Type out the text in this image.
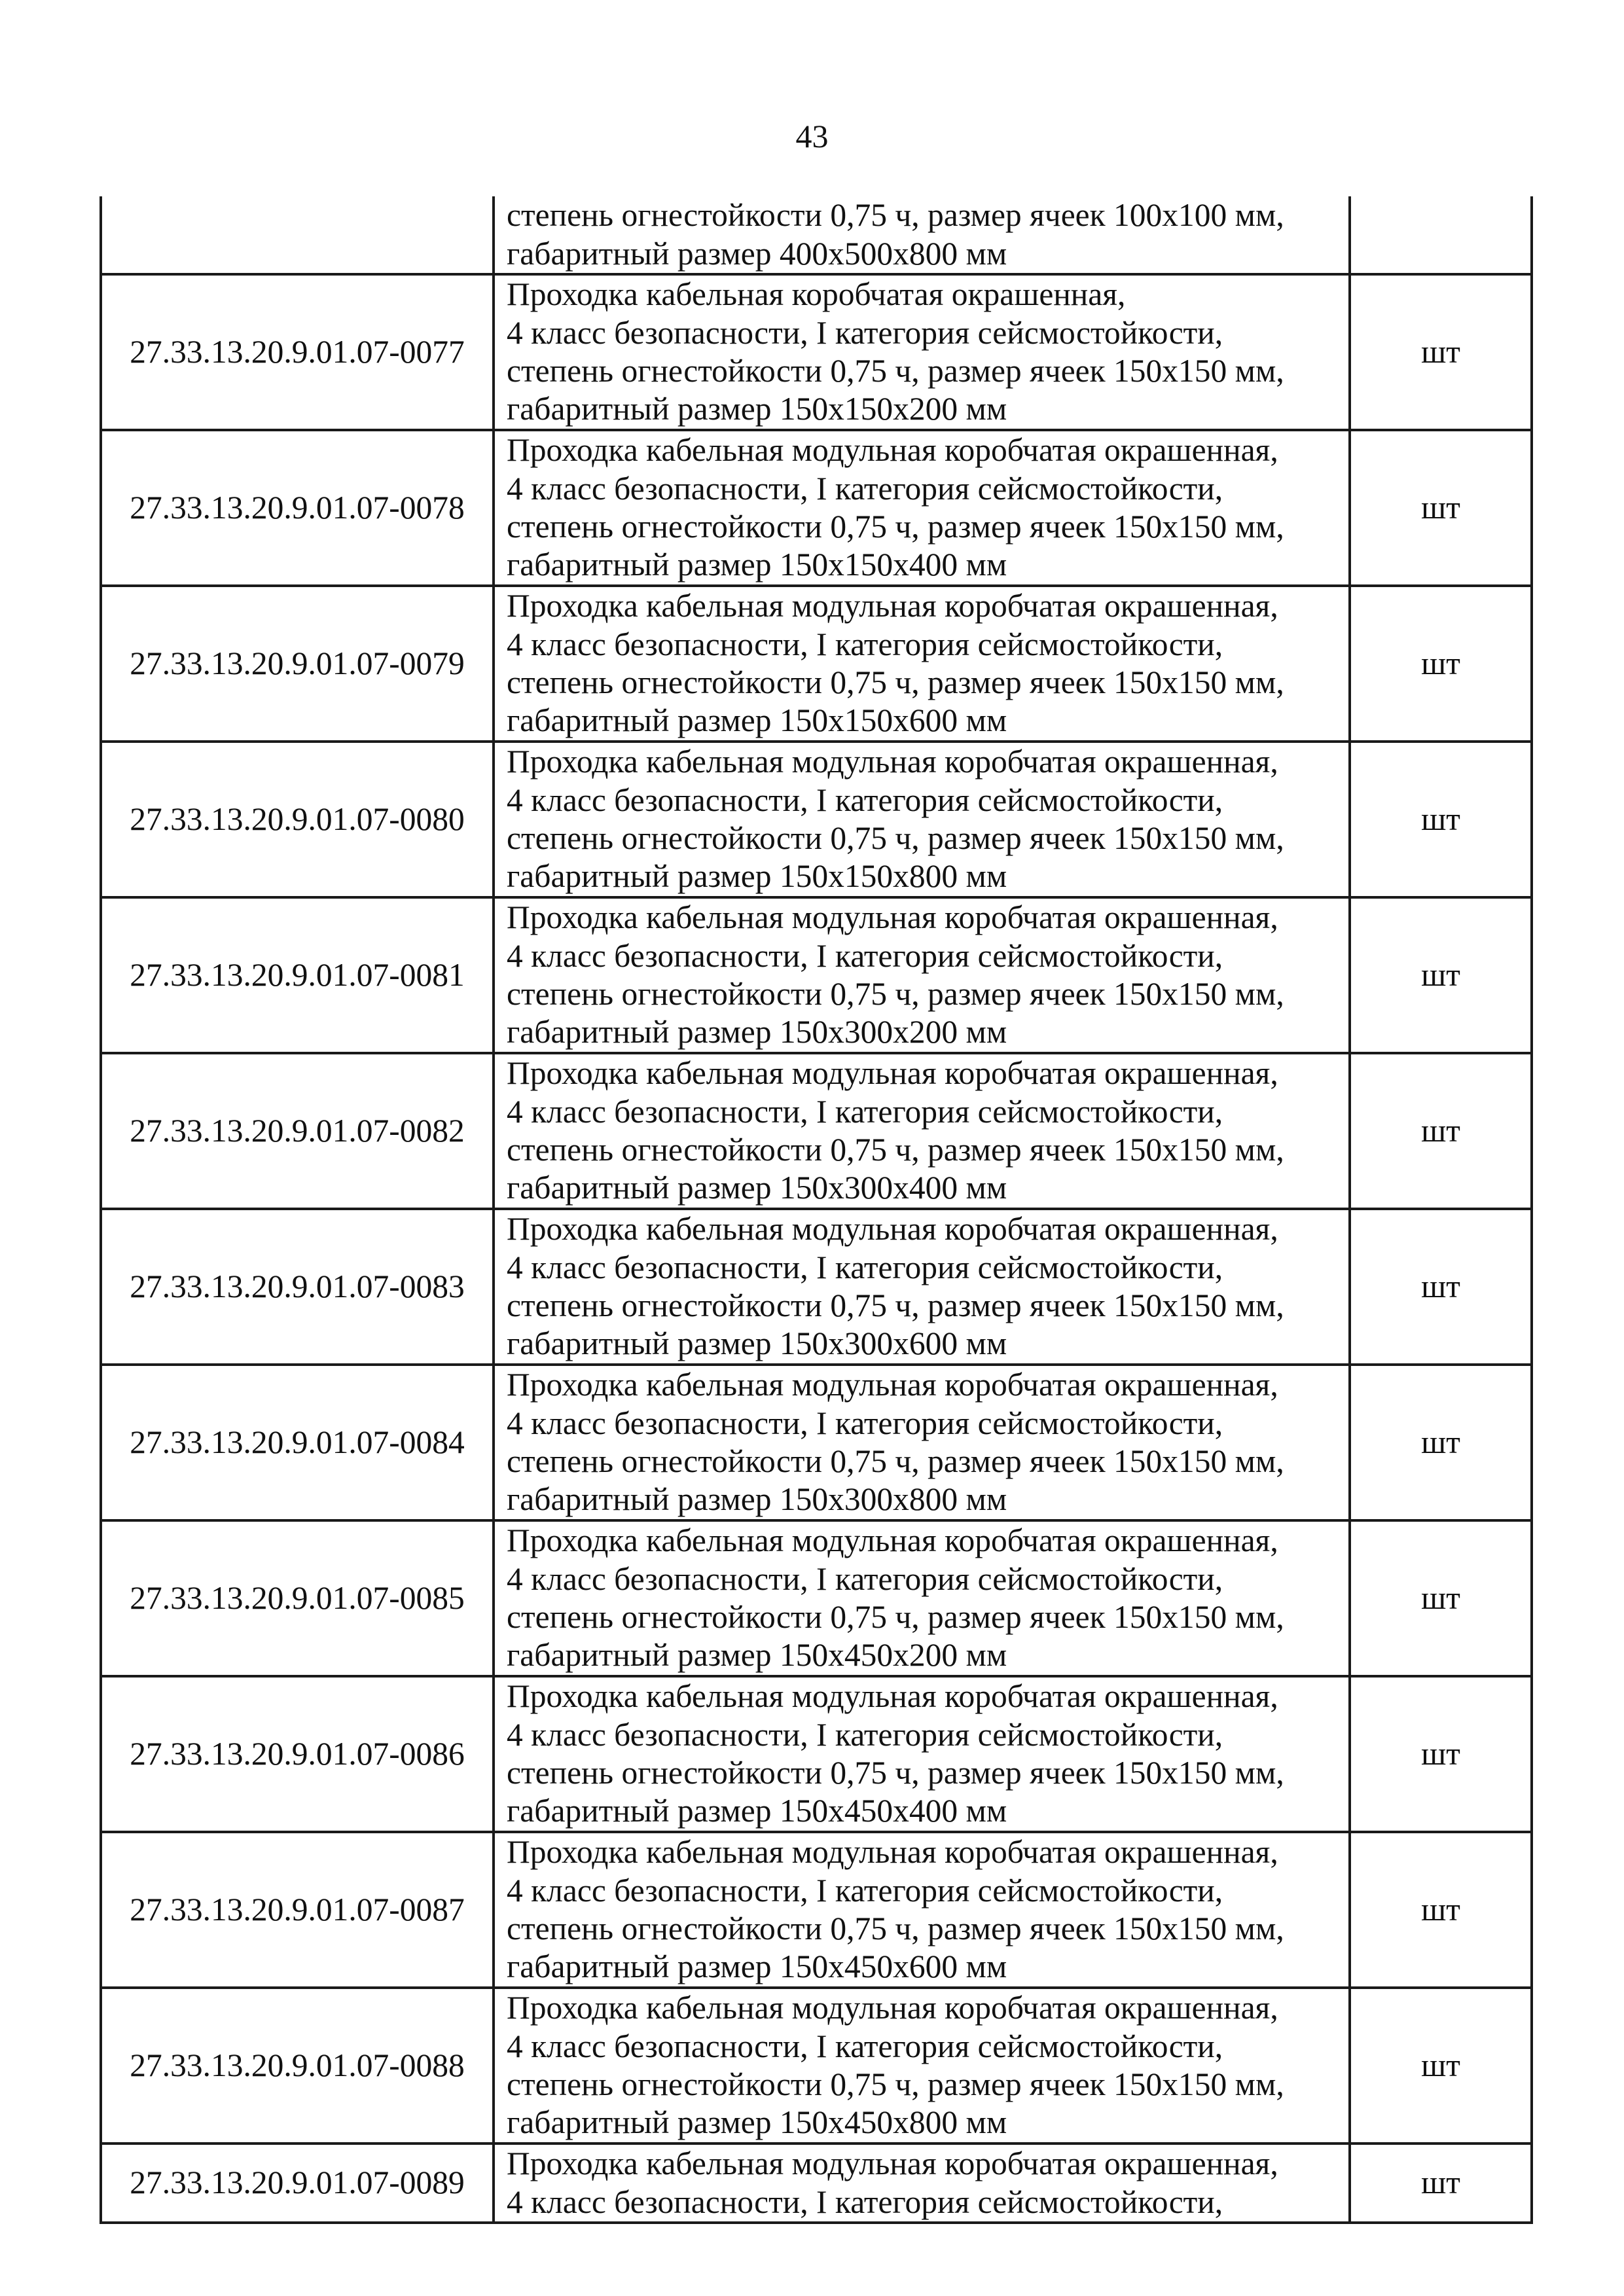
43

	степень огнестойкости 0,75 ч, размер ячеек 100x100 мм,
габаритный размер 400x500x800 мм	

27.33.13.20.9.01.07-0077	Проходка кабельная коробчатая окрашенная,
4 класс безопасности, I категория сейсмостойкости,
степень огнестойкости 0,75 ч, размер ячеек 150x150 мм,
габаритный размер 150x150x200 мм	шт
27.33.13.20.9.01.07-0078	Проходка кабельная модульная коробчатая окрашенная,
4 класс безопасности, I категория сейсмостойкости,
степень огнестойкости 0,75 ч, размер ячеек 150x150 мм,
габаритный размер 150x150x400 мм	шт
27.33.13.20.9.01.07-0079	Проходка кабельная модульная коробчатая окрашенная,
4 класс безопасности, I категория сейсмостойкости,
степень огнестойкости 0,75 ч, размер ячеек 150x150 мм,
габаритный размер 150x150x600 мм	шт
27.33.13.20.9.01.07-0080	Проходка кабельная модульная коробчатая окрашенная,
4 класс безопасности, I категория сейсмостойкости,
степень огнестойкости 0,75 ч, размер ячеек 150x150 мм,
габаритный размер 150x150x800 мм	шт
27.33.13.20.9.01.07-0081	Проходка кабельная модульная коробчатая окрашенная,
4 класс безопасности, I категория сейсмостойкости,
степень огнестойкости 0,75 ч, размер ячеек 150x150 мм,
габаритный размер 150x300x200 мм	шт
27.33.13.20.9.01.07-0082	Проходка кабельная модульная коробчатая окрашенная,
4 класс безопасности, I категория сейсмостойкости,
степень огнестойкости 0,75 ч, размер ячеек 150x150 мм,
габаритный размер 150x300x400 мм	шт
27.33.13.20.9.01.07-0083	Проходка кабельная модульная коробчатая окрашенная,
4 класс безопасности, I категория сейсмостойкости,
степень огнестойкости 0,75 ч, размер ячеек 150x150 мм,
габаритный размер 150x300x600 мм	шт
27.33.13.20.9.01.07-0084	Проходка кабельная модульная коробчатая окрашенная,
4 класс безопасности, I категория сейсмостойкости,
степень огнестойкости 0,75 ч, размер ячеек 150x150 мм,
габаритный размер 150x300x800 мм	шт
27.33.13.20.9.01.07-0085	Проходка кабельная модульная коробчатая окрашенная,
4 класс безопасности, I категория сейсмостойкости,
степень огнестойкости 0,75 ч, размер ячеек 150x150 мм,
габаритный размер 150x450x200 мм	шт
27.33.13.20.9.01.07-0086	Проходка кабельная модульная коробчатая окрашенная,
4 класс безопасности, I категория сейсмостойкости,
степень огнестойкости 0,75 ч, размер ячеек 150x150 мм,
габаритный размер 150x450x400 мм	шт
27.33.13.20.9.01.07-0087	Проходка кабельная модульная коробчатая окрашенная,
4 класс безопасности, I категория сейсмостойкости,
степень огнестойкости 0,75 ч, размер ячеек 150x150 мм,
габаритный размер 150x450x600 мм	шт
27.33.13.20.9.01.07-0088	Проходка кабельная модульная коробчатая окрашенная,
4 класс безопасности, I категория сейсмостойкости,
степень огнестойкости 0,75 ч, размер ячеек 150x150 мм,
габаритный размер 150x450x800 мм	шт
27.33.13.20.9.01.07-0089	Проходка кабельная модульная коробчатая окрашенная,
4 класс безопасности, I категория сейсмостойкости,	шт
